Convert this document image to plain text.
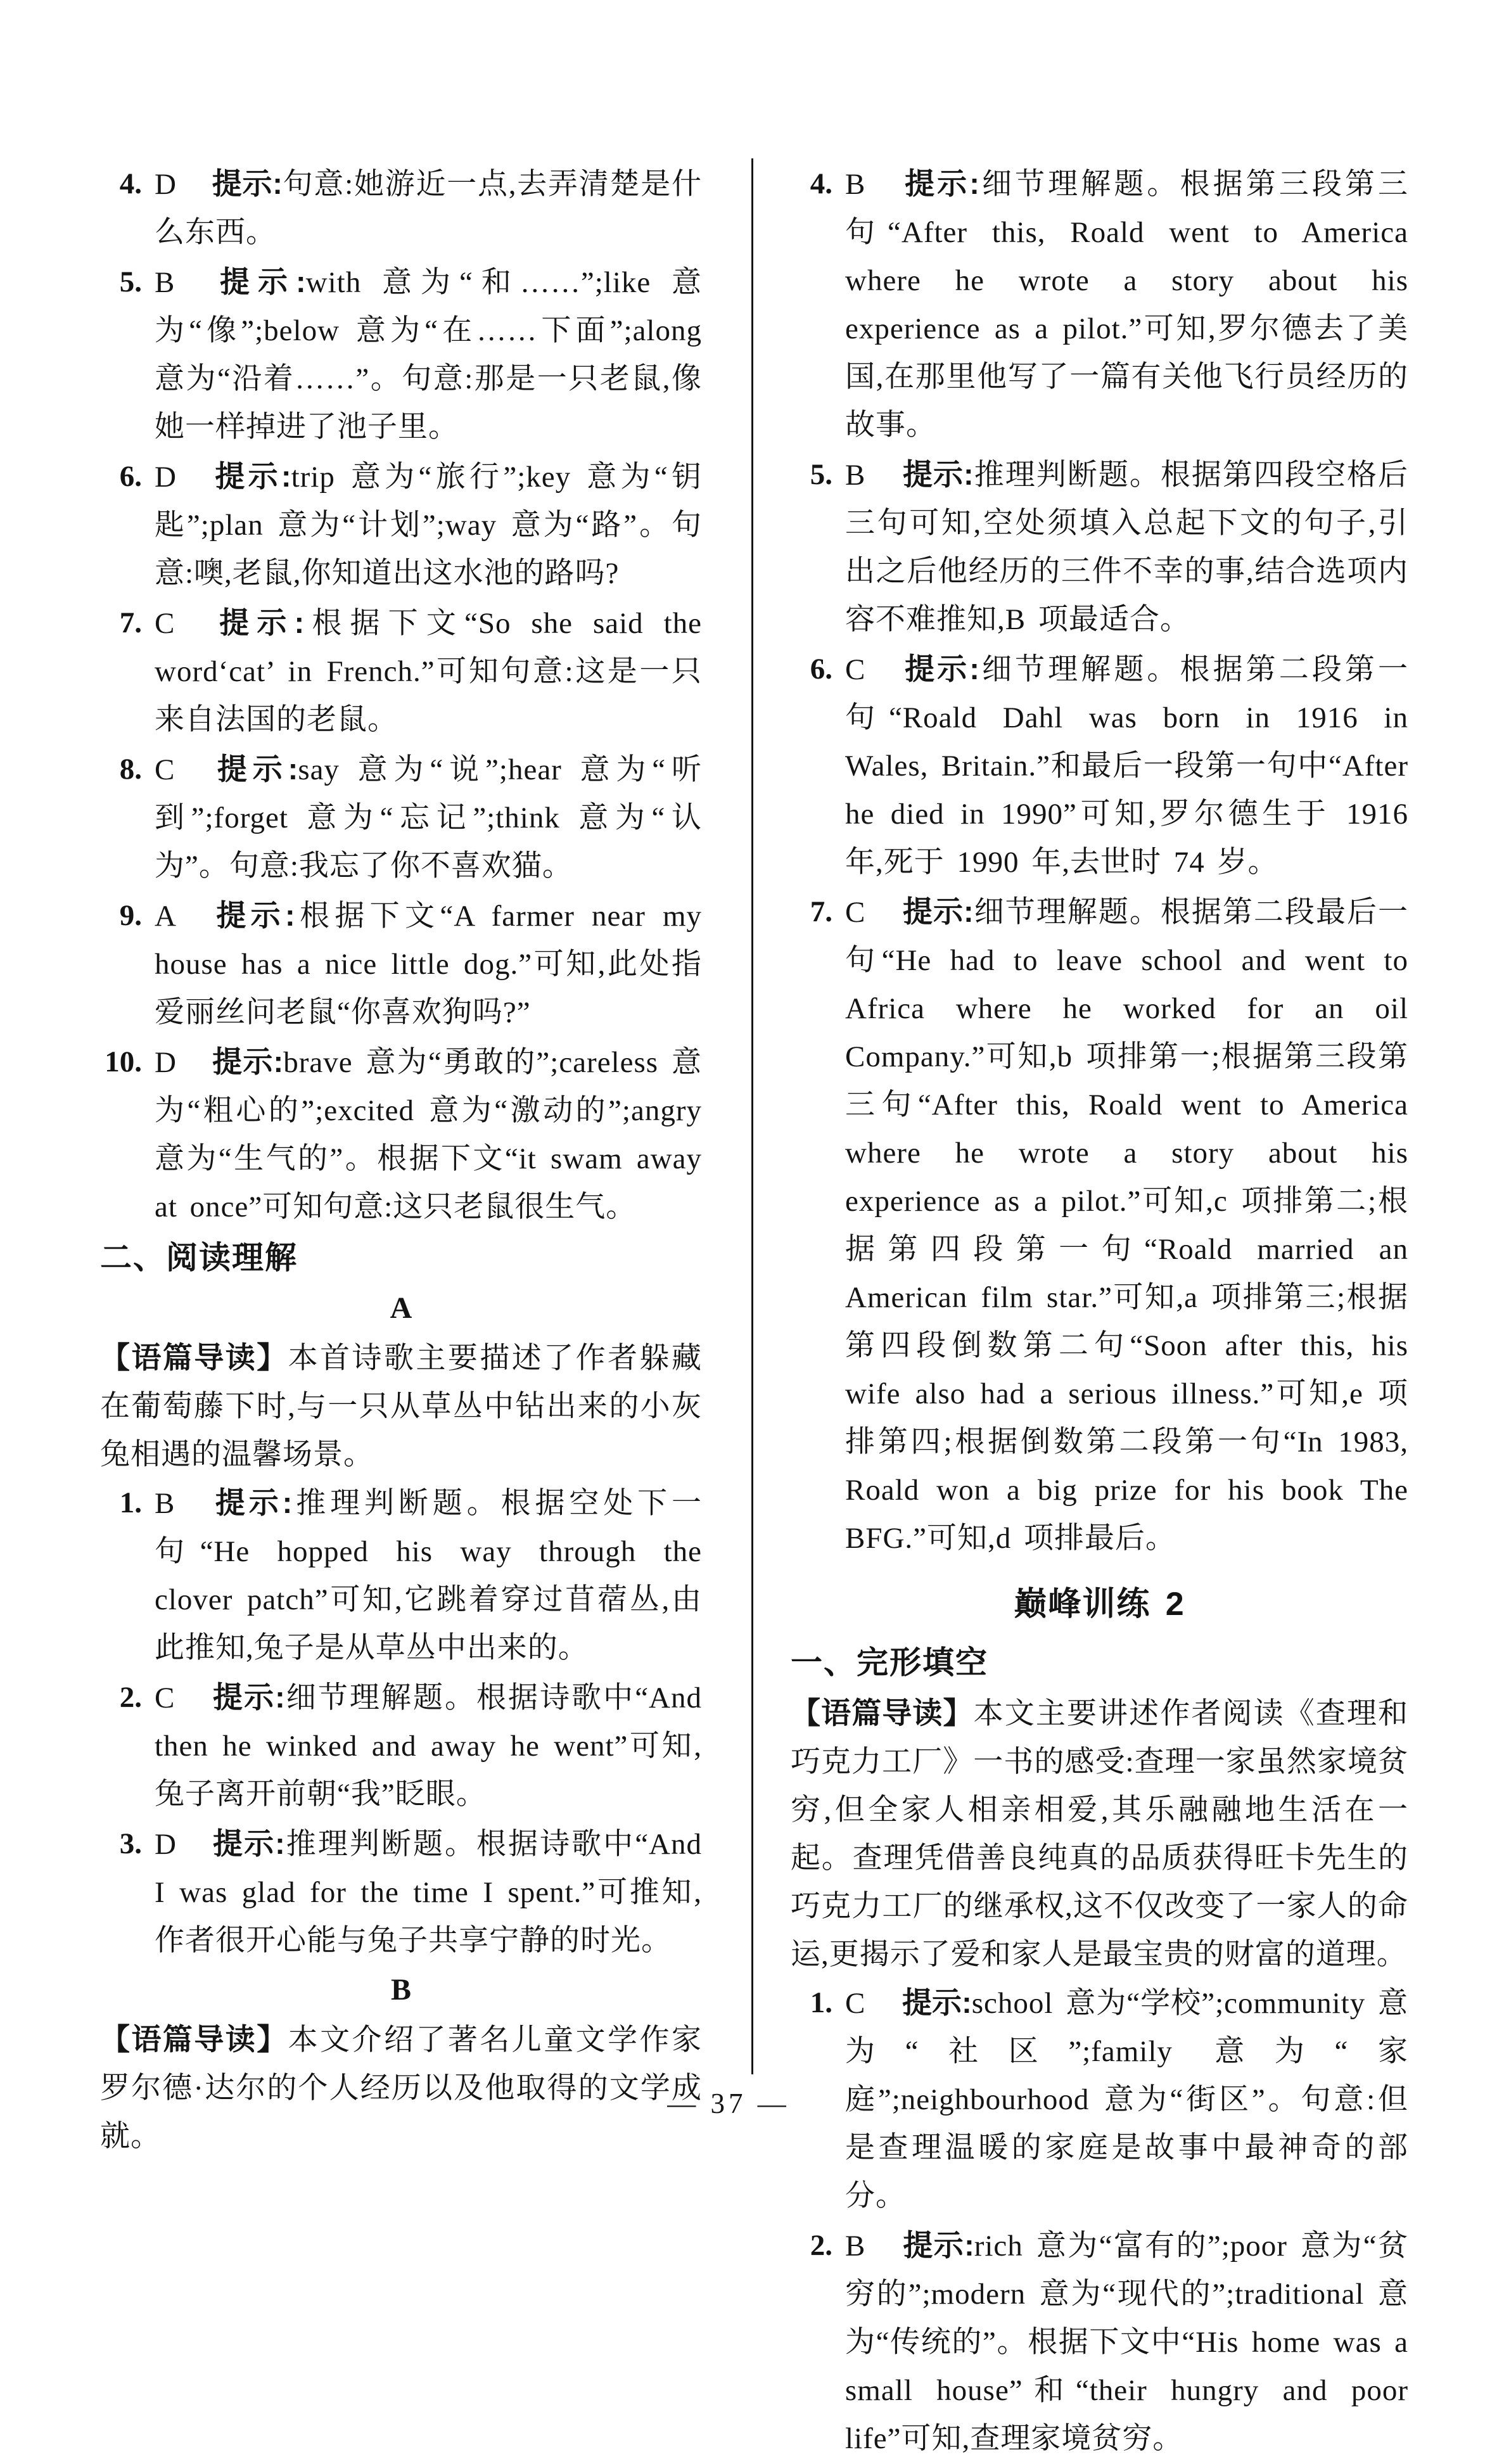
4. D 提示:句意:她游近一点,去弄清楚是什么东西。
5. B 提示:with 意为“和……”;like 意为“像”;below 意为“在……下面”;along 意为“沿着……”。句意:那是一只老鼠,像她一样掉进了池子里。
6. D 提示:trip 意为“旅行”;key 意为“钥匙”;plan 意为“计划”;way 意为“路”。句意:噢,老鼠,你知道出这水池的路吗?
7. C 提示:根据下文“So she said the word‘cat’ in French.”可知句意:这是一只来自法国的老鼠。
8. C 提示:say 意为“说”;hear 意为“听到”;forget 意为“忘记”;think 意为“认为”。句意:我忘了你不喜欢猫。
9. A 提示:根据下文“A farmer near my house has a nice little dog.”可知,此处指爱丽丝问老鼠“你喜欢狗吗?”
10. D 提示:brave 意为“勇敢的”;careless 意为“粗心的”;excited 意为“激动的”;angry 意为“生气的”。根据下文“it swam away at once”可知句意:这只老鼠很生气。
二、阅读理解
A

【语篇导读】本首诗歌主要描述了作者躲藏在葡萄藤下时,与一只从草丛中钻出来的小灰兔相遇的温馨场景。

1. B 提示:推理判断题。根据空处下一句“He hopped his way through the clover patch”可知,它跳着穿过苜蓿丛,由此推知,兔子是从草丛中出来的。
2. C 提示:细节理解题。根据诗歌中“And then he winked and away he went”可知,兔子离开前朝“我”眨眼。
3. D 提示:推理判断题。根据诗歌中“And I was glad for the time I spent.”可推知,作者很开心能与兔子共享宁静的时光。
B

【语篇导读】本文介绍了著名儿童文学作家罗尔德·达尔的个人经历以及他取得的文学成就。

4. B 提示:细节理解题。根据第三段第三句“After this, Roald went to America where he wrote a story about his experience as a pilot.”可知,罗尔德去了美国,在那里他写了一篇有关他飞行员经历的故事。
5. B 提示:推理判断题。根据第四段空格后三句可知,空处须填入总起下文的句子,引出之后他经历的三件不幸的事,结合选项内容不难推知,B 项最适合。
6. C 提示:细节理解题。根据第二段第一句“Roald Dahl was born in 1916 in Wales, Britain.”和最后一段第一句中“After he died in 1990”可知,罗尔德生于 1916 年,死于 1990 年,去世时 74 岁。
7. C 提示:细节理解题。根据第二段最后一句“He had to leave school and went to Africa where he worked for an oil Company.”可知,b 项排第一;根据第三段第三句“After this, Roald went to America where he wrote a story about his experience as a pilot.”可知,c 项排第二;根据第四段第一句“Roald married an American film star.”可知,a 项排第三;根据第四段倒数第二句“Soon after this, his wife also had a serious illness.”可知,e 项排第四;根据倒数第二段第一句“In 1983, Roald won a big prize for his book The BFG.”可知,d 项排最后。
巅峰训练 2
一、完形填空

【语篇导读】本文主要讲述作者阅读《查理和巧克力工厂》一书的感受:查理一家虽然家境贫穷,但全家人相亲相爱,其乐融融地生活在一起。查理凭借善良纯真的品质获得旺卡先生的巧克力工厂的继承权,这不仅改变了一家人的命运,更揭示了爱和家人是最宝贵的财富的道理。

1. C 提示:school 意为“学校”;community 意为“社区”;family 意为“家庭”;neighbourhood 意为“街区”。句意:但是查理温暖的家庭是故事中最神奇的部分。
2. B 提示:rich 意为“富有的”;poor 意为“贫穷的”;modern 意为“现代的”;traditional 意为“传统的”。根据下文中“His home was a small house”和“their hungry and poor life”可知,查理家境贫穷。
— 37 —
